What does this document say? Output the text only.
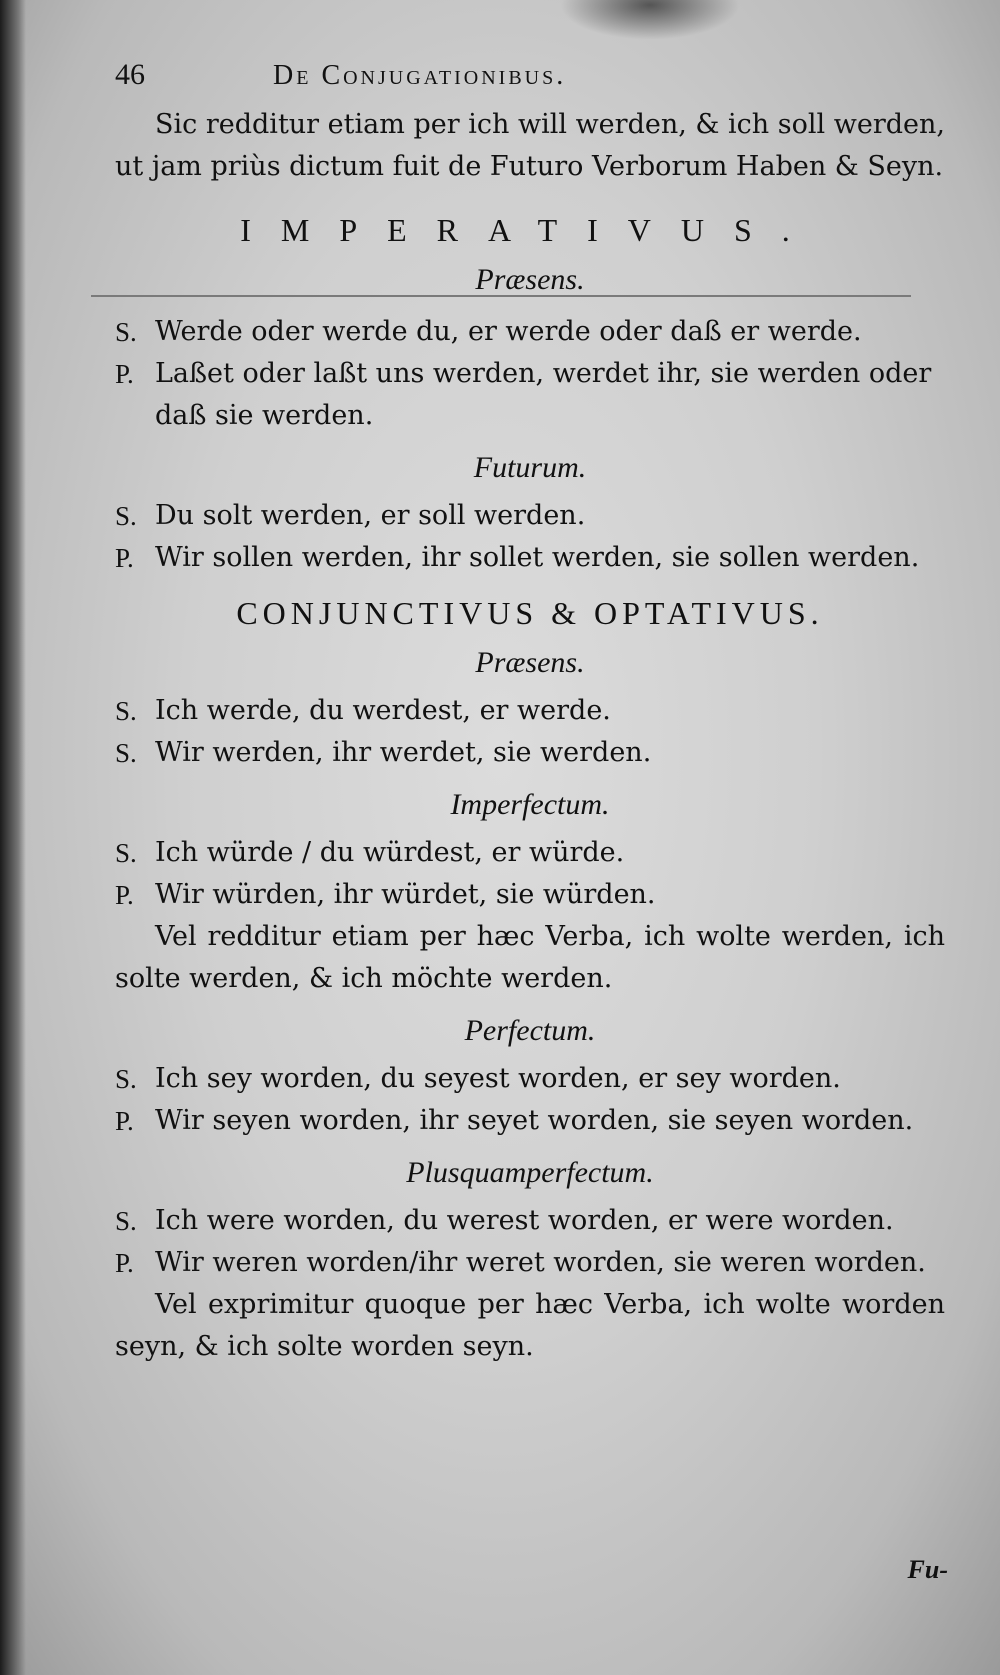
46	De Conjugationibus.

Sic redditur etiam per ich will werden, & ich soll werden, ut jam priùs dictum fuit de Futuro Verborum Haben & Seyn.

IMPERATIVUS.
Præsens.
S. Werde oder werde du, er werde oder daß er werde.
P. Laßet oder laßt uns werden, werdet ihr, sie werden oder daß sie werden.
Futurum.
S. Du solt werden, er soll werden.
P. Wir sollen werden, ihr sollet werden, sie sollen werden.
CONJUNCTIVUS & OPTATIVUS.
Præsens.
S. Ich werde, du werdest, er werde.
S. Wir werden, ihr werdet, sie werden.
Imperfectum.
S. Ich würde / du würdest, er würde.
P. Wir würden, ihr würdet, sie würden.

Vel redditur etiam per hæc Verba, ich wolte werden, ich solte werden, & ich möchte werden.

Perfectum.
S. Ich sey worden, du seyest worden, er sey worden.
P. Wir seyen worden, ihr seyet worden, sie seyen worden.
Plusquamperfectum.
S. Ich were worden, du werest worden, er were worden.
P. Wir weren worden/ihr weret worden, sie weren worden.

Vel exprimitur quoque per hæc Verba, ich wolte worden seyn, & ich solte worden seyn.

Fu-
